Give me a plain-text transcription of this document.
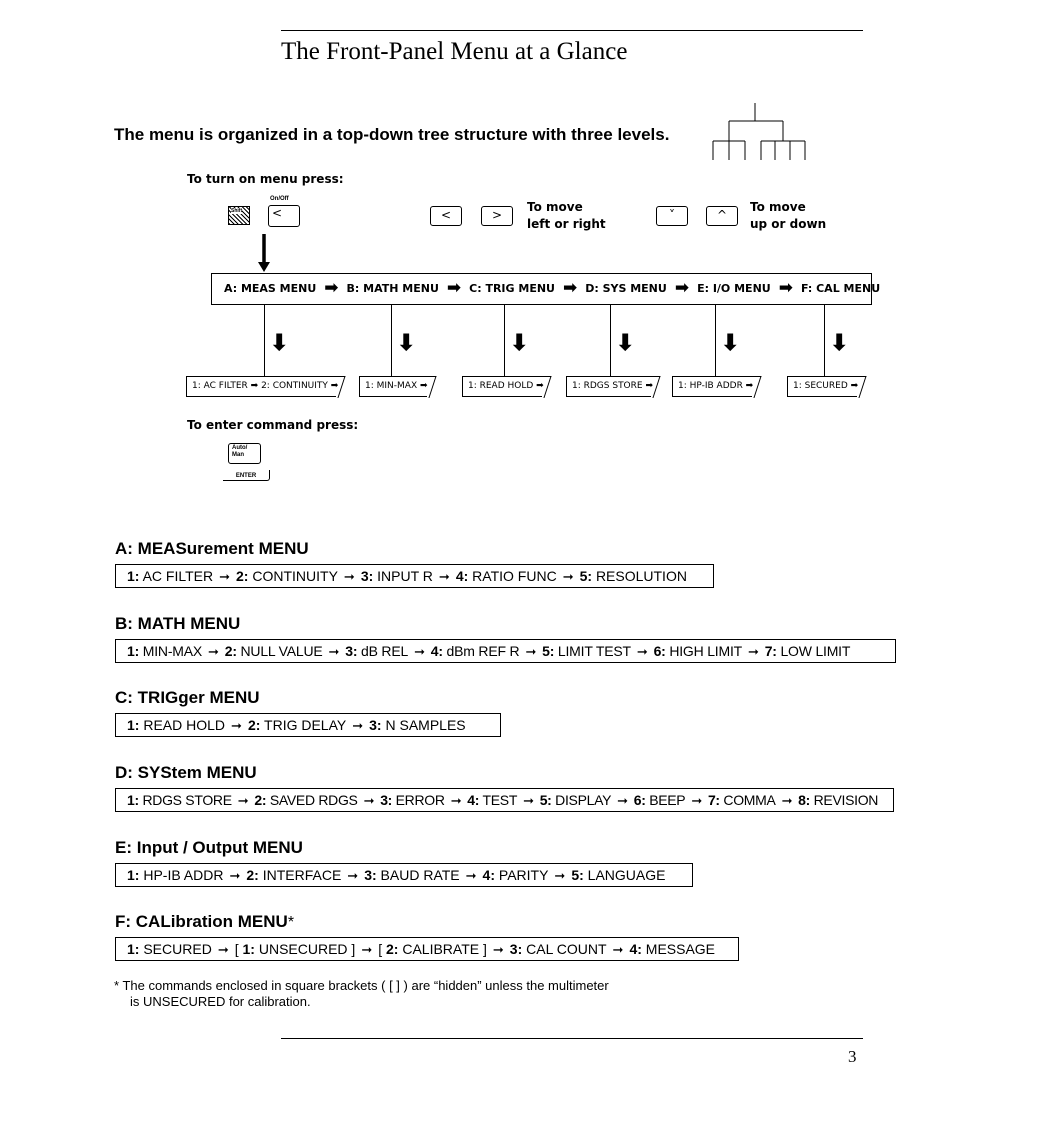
The Front-Panel Menu at a Glance
The menu is organized in a top-down tree structure with three levels.
To turn on menu press:
Shift
On/Off
<	<	>
To move
left or right
˅	^
To move
up or down
A: MEAS MENU ➡ B: MATH MENU ➡ C: TRIG MENU ➡ D: SYS MENU ➡ E: I/O MENU ➡ F: CAL MENU
⬇	⬇	⬇	⬇	⬇	⬇
1: AC FILTER ➡ 2: CONTINUITY ➡	1: MIN-MAX ➡	1: READ HOLD ➡	1: RDGS STORE ➡	1: HP-IB ADDR ➡	1: SECURED ➡
To enter command press:
Auto/
Man
ENTER
A: MEASurement MENU
1: AC FILTER ➞ 2: CONTINUITY ➞ 3: INPUT R ➞ 4: RATIO FUNC ➞ 5: RESOLUTION
B: MATH MENU
1: MIN-MAX ➞ 2: NULL VALUE ➞ 3: dB REL ➞ 4: dBm REF R ➞ 5: LIMIT TEST ➞ 6: HIGH LIMIT ➞ 7: LOW LIMIT
C: TRIGger MENU
1: READ HOLD ➞ 2: TRIG DELAY ➞ 3: N SAMPLES
D: SYStem MENU
1: RDGS STORE ➞ 2: SAVED RDGS ➞ 3: ERROR ➞ 4: TEST ➞ 5: DISPLAY ➞ 6: BEEP ➞ 7: COMMA ➞ 8: REVISION
E: Input / Output MENU
1: HP-IB ADDR ➞ 2: INTERFACE ➞ 3: BAUD RATE ➞ 4: PARITY ➞ 5: LANGUAGE
F: CALibration MENU*
1: SECURED ➞ [ 1: UNSECURED ] ➞ [ 2: CALIBRATE ] ➞ 3: CAL COUNT ➞ 4: MESSAGE
* The commands enclosed in square brackets ( [ ] ) are “hidden” unless the multimeter
is UNSECURED for calibration.
3
